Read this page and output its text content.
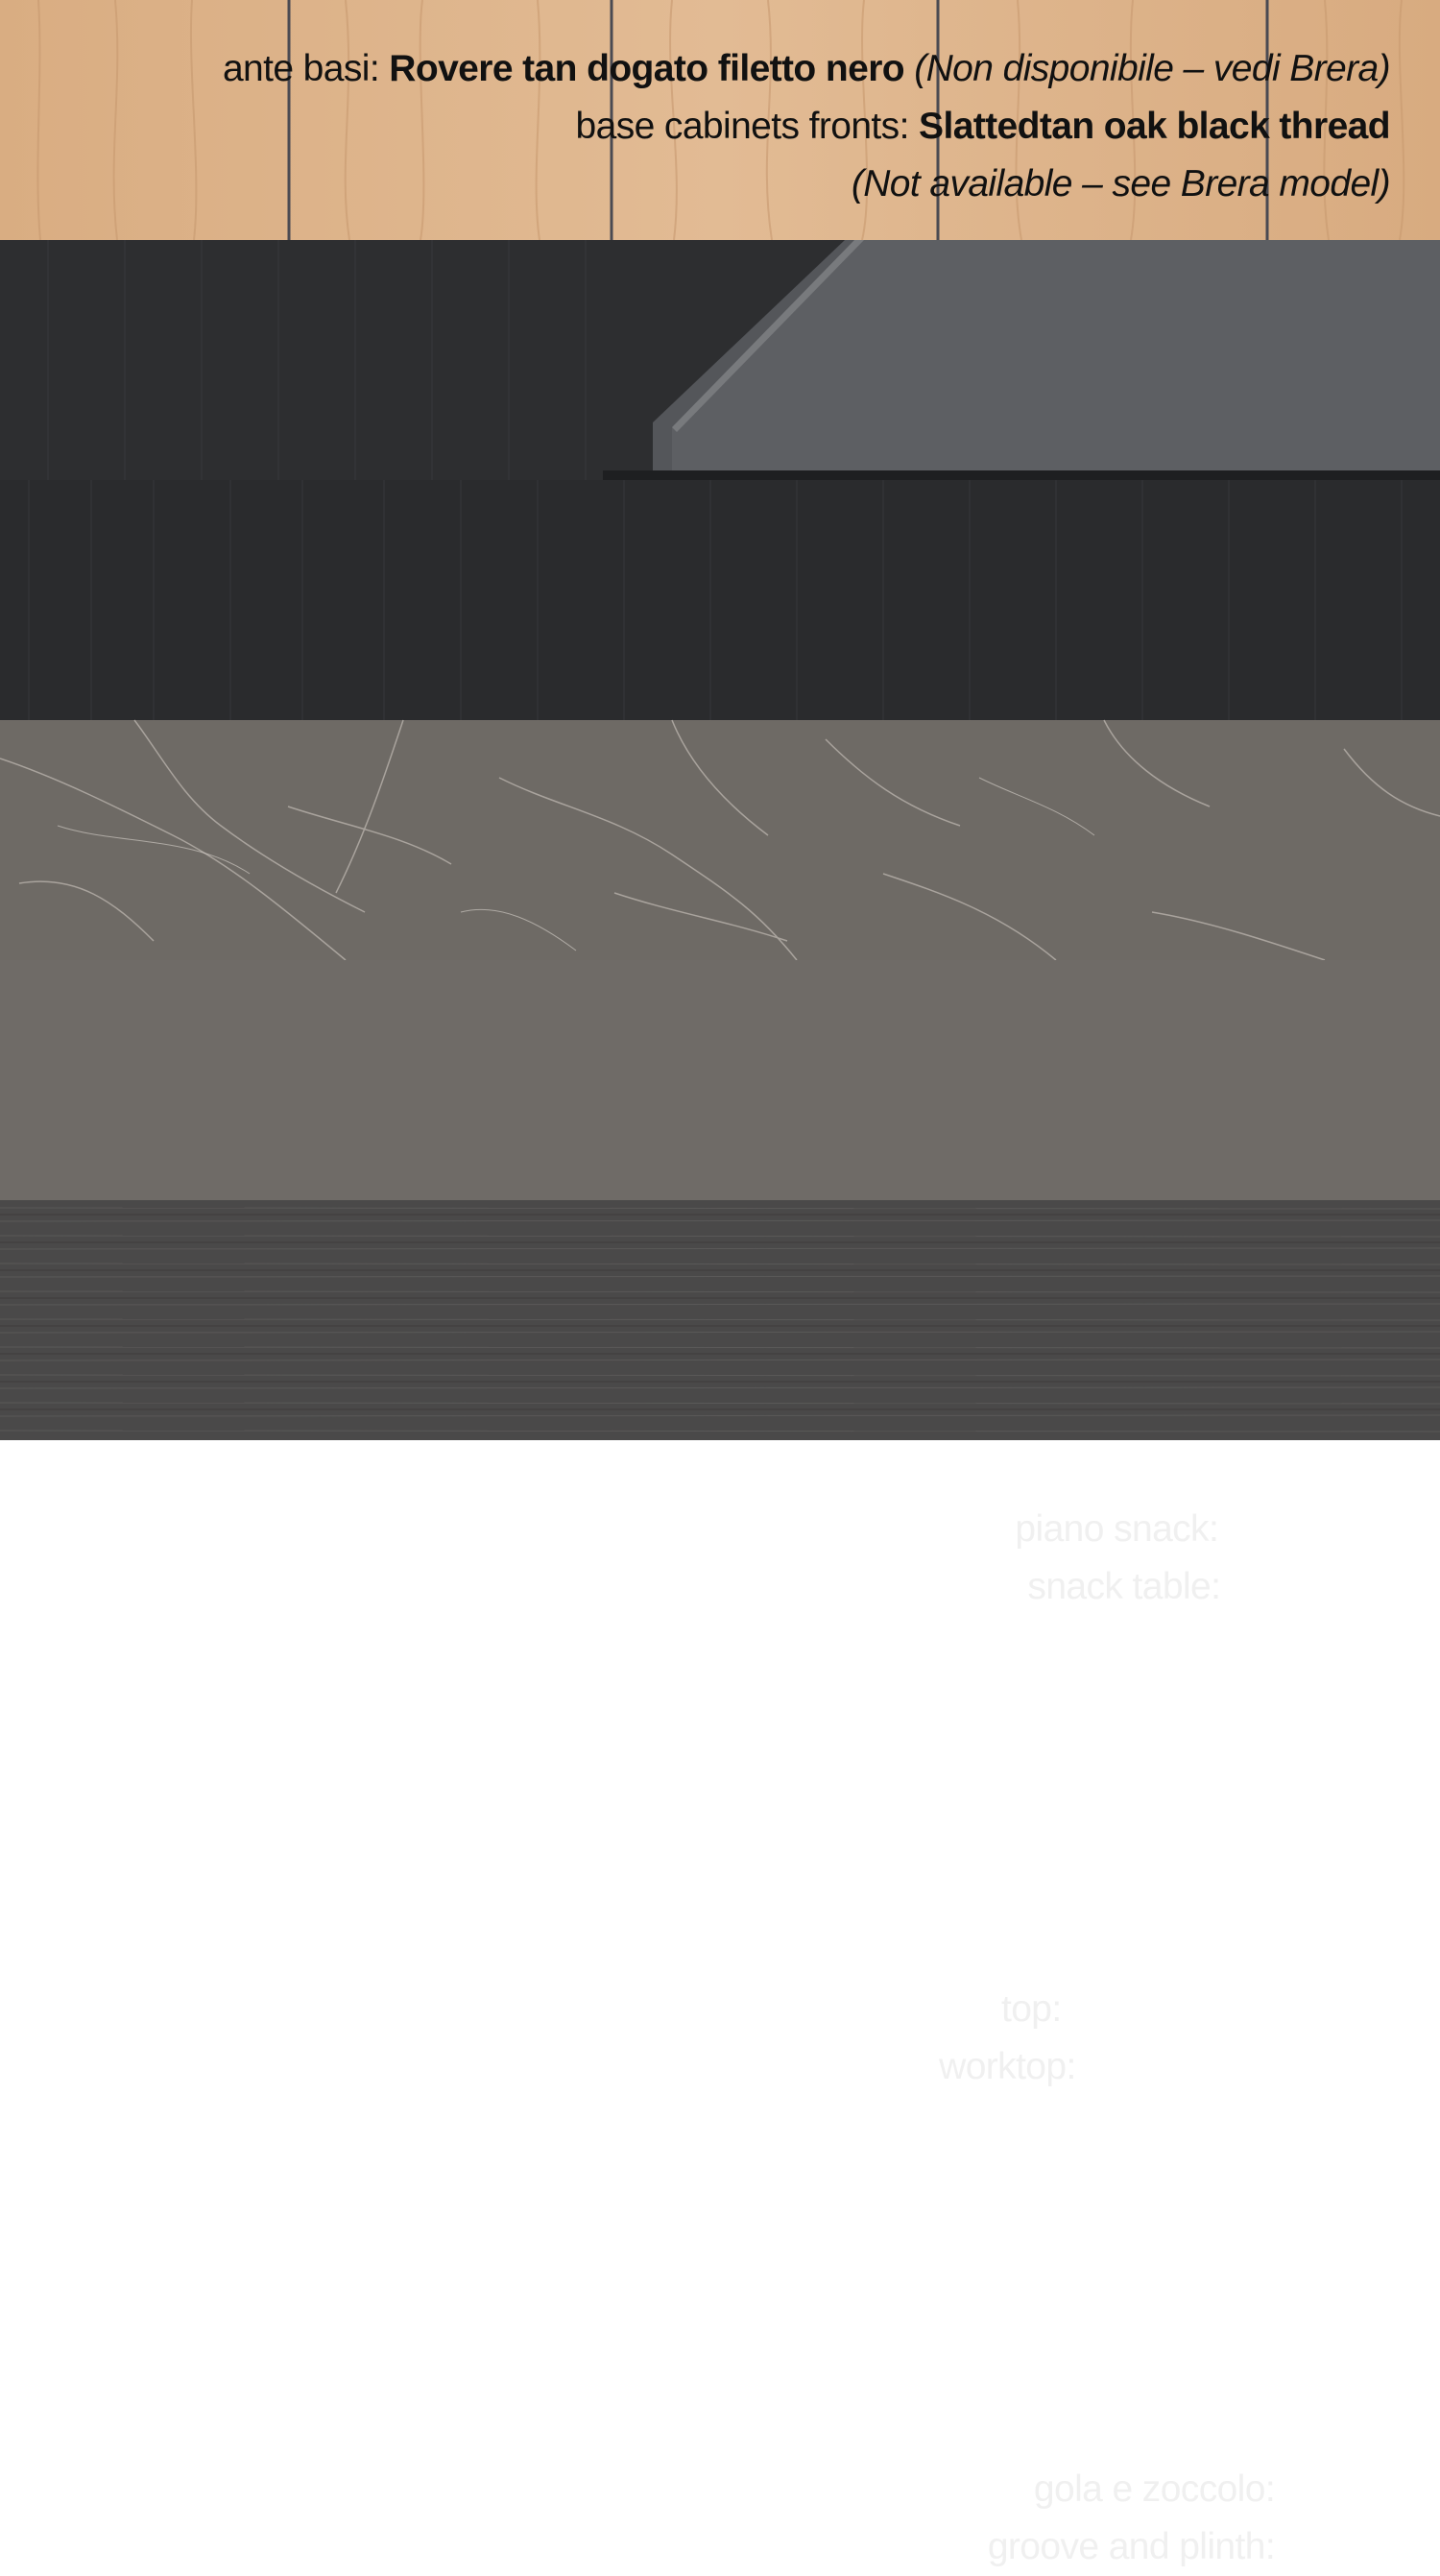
ante basi: Rovere tan dogato filetto nero (Non disponibile – vedi Brera)
base cabinets fronts: Slattedtan oak black thread
(Not available – see Brera model)
piano snack: Laminato
snack table: Laminate
top: Laminato Unicolor
worktop: Unicolor laminate
gola e zoccolo: Urban
groove and plinth: Urban
